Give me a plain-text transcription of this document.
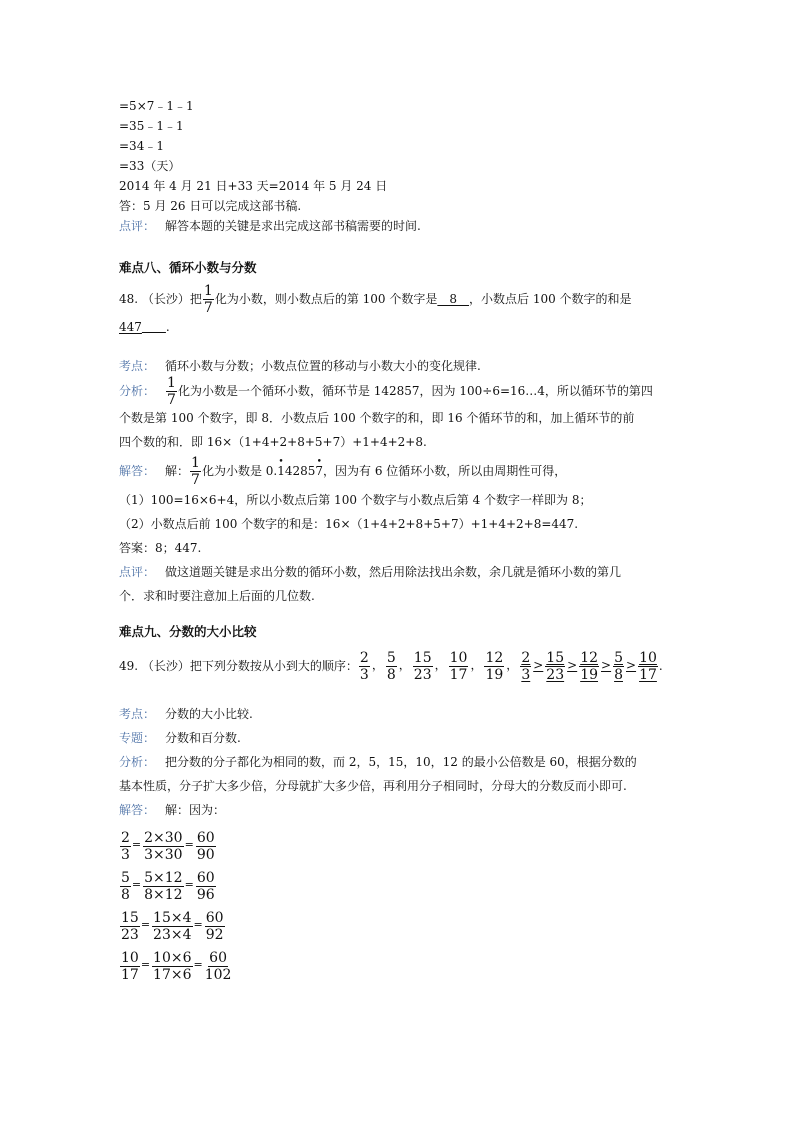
=5×7﹣1﹣1
=35﹣1﹣1
=34﹣1
=33（天）
2014 年 4 月 21 日+33 天=2014 年 5 月 24 日
答：5 月 26 日可以完成这部书稿.
点评： 解答本题的关键是求出完成这部书稿需要的时间.
难点八、循环小数与分数
48. （长沙）把 $\frac{1}{7}$ 化为小数，则小数点后的第 100 个数字是　8　，小数点后 100 个数字的和是
447　　 .
考点： 循环小数与分数；小数点位置的移动与小数大小的变化规律.
分析： $\frac{1}{7}$ 化为小数是一个循环小数，循环节是 142857，因为 100÷6=16…4，所以循环节的第四
个数是第 100 个数字，即 8．小数点后 100 个数字的和，即 16 个循环节的和，加上循环节的前
四个数的和．即 16×（1+4+2+8+5+7）+1+4+2+8.
解答： 解： $\frac{1}{7}$ 化为小数是 0.• 14285• 7，因为有 6 位循环小数，所以由周期性可得，
（1）100=16×6+4，所以小数点后第 100 个数字与小数点后第 4 个数字一样即为 8；
（2）小数点后前 100 个数字的和是：16×（1+4+2+8+5+7）+1+4+2+8=447.
答案：8；447.
点评： 做这道题关键是求出分数的循环小数，然后用除法找出余数，余几就是循环小数的第几
个．求和时要注意加上后面的几位数.
难点九、分数的大小比较
49. （长沙）把下列分数按从小到大的顺序： $\frac{2}{3}$ ， $\frac{5}{8}$ ， $\frac{15}{23}$ ， $\frac{10}{17}$ ， $\frac{12}{19}$ ， $\frac{2}{3} > \frac{15}{23} > \frac{12}{19} > \frac{5}{8} > \frac{10}{17}$ .
考点： 分数的大小比较.
专题： 分数和百分数.
分析： 把分数的分子都化为相同的数，而 2，5，15，10，12 的最小公倍数是 60，根据分数的
基本性质，分子扩大多少倍，分母就扩大多少倍，再利用分子相同时，分母大的分数反而小即可.
解答： 解：因为：
$\frac{2}{3} = \frac{2\times 30}{3\times 30} = \frac{60}{90}$
$\frac{5}{8} = \frac{5\times 12}{8\times 12} = \frac{60}{96}$
$\frac{15}{23} = \frac{15\times 4}{23\times 4} = \frac{60}{92}$
$\frac{10}{17} = \frac{10\times 6}{17\times 6} = \frac{60}{102}$
